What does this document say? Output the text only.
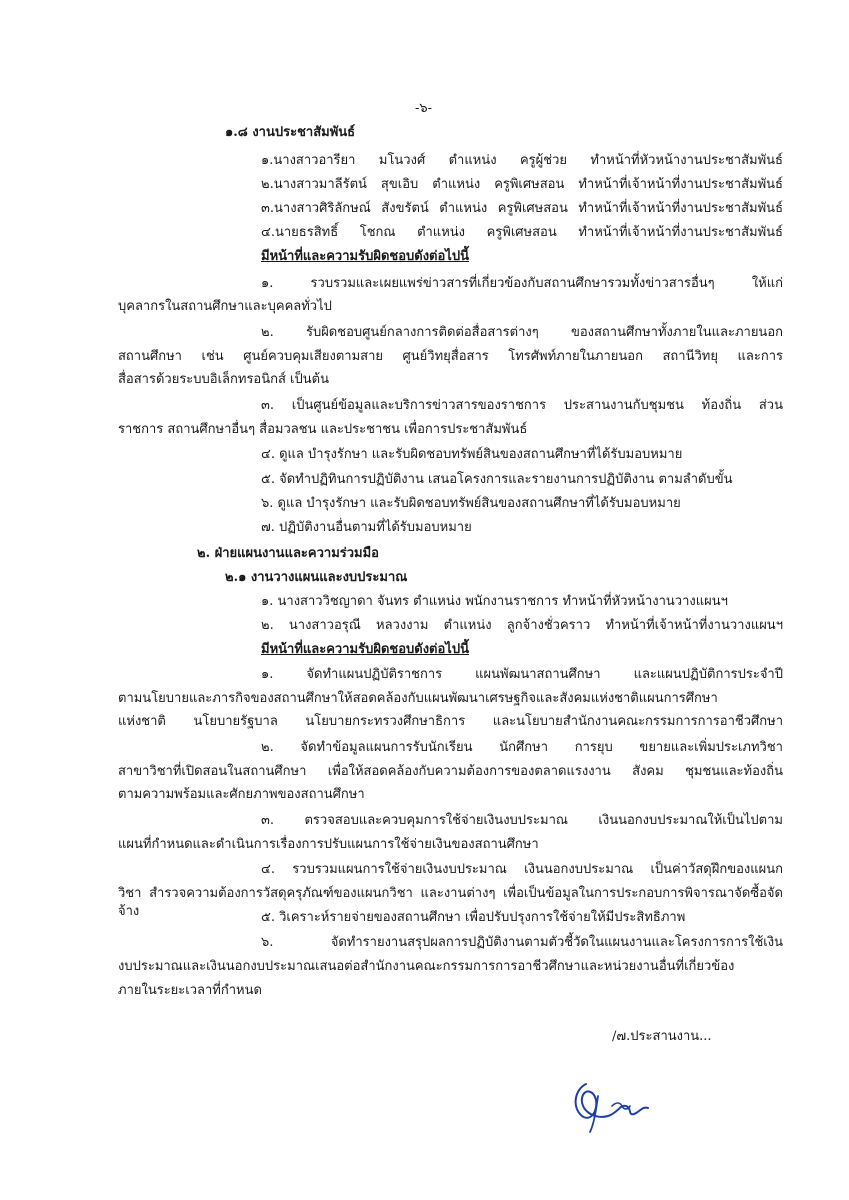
-๖-
๑.๘ งานประชาสัมพันธ์
๑.นางสาวอารียา มโนวงศ์ ตำแหน่ง ครูผู้ช่วย ทำหน้าที่หัวหน้างานประชาสัมพันธ์
๒.นางสาวมาลีรัตน์ สุขเอิบ ตำแหน่ง ครูพิเศษสอน ทำหน้าที่เจ้าหน้าที่งานประชาสัมพันธ์
๓.นางสาวศิริลักษณ์ สังขรัตน์ ตำแหน่ง ครูพิเศษสอน ทำหน้าที่เจ้าหน้าที่งานประชาสัมพันธ์
๔.นายธรสิทธิ์ โชกณ ตำแหน่ง ครูพิเศษสอน ทำหน้าที่เจ้าหน้าที่งานประชาสัมพันธ์
มีหน้าที่และความรับผิดชอบดังต่อไปนี้
๑. รวบรวมและเผยแพร่ข่าวสารที่เกี่ยวข้องกับสถานศึกษารวมทั้งข่าวสารอื่นๆ ให้แก่
บุคลากรในสถานศึกษาและบุคคลทั่วไป
๒. รับผิดชอบศูนย์กลางการติดต่อสื่อสารต่างๆ ของสถานศึกษาทั้งภายในและภายนอก
สถานศึกษา เช่น ศูนย์ควบคุมเสียงตามสาย ศูนย์วิทยุสื่อสาร โทรศัพท์ภายในภายนอก สถานีวิทยุ และการ
สื่อสารด้วยระบบอิเล็กทรอนิกส์ เป็นต้น
๓. เป็นศูนย์ข้อมูลและบริการข่าวสารของราชการ ประสานงานกับชุมชน ท้องถิ่น ส่วน
ราชการ สถานศึกษาอื่นๆ สื่อมวลชน และประชาชน เพื่อการประชาสัมพันธ์
๔. ดูแล บำรุงรักษา และรับผิดชอบทรัพย์สินของสถานศึกษาที่ได้รับมอบหมาย
๕. จัดทำปฏิทินการปฏิบัติงาน เสนอโครงการและรายงานการปฏิบัติงาน ตามลำดับขั้น
๖. ดูแล บำรุงรักษา และรับผิดชอบทรัพย์สินของสถานศึกษาที่ได้รับมอบหมาย
๗. ปฏิบัติงานอื่นตามที่ได้รับมอบหมาย
๒. ฝ่ายแผนงานและความร่วมมือ
๒.๑ งานวางแผนและงบประมาณ
๑. นางสาววิชญาดา จันทร ตำแหน่ง พนักงานราชการ ทำหน้าที่หัวหน้างานวางแผนฯ
๒. นางสาวอรุณี หลวงงาม ตำแหน่ง ลูกจ้างชั่วคราว ทำหน้าที่เจ้าหน้าที่งานวางแผนฯ
มีหน้าที่และความรับผิดชอบดังต่อไปนี้
๑. จัดทำแผนปฏิบัติราชการ แผนพัฒนาสถานศึกษา และแผนปฏิบัติการประจำปี
ตามนโยบายและภารกิจของสถานศึกษาให้สอดคล้องกับแผนพัฒนาเศรษฐกิจและสังคมแห่งชาติแผนการศึกษา
แห่งชาติ นโยบายรัฐบาล นโยบายกระทรวงศึกษาธิการ และนโยบายสำนักงานคณะกรรมการการอาชีวศึกษา
๒. จัดทำข้อมูลแผนการรับนักเรียน นักศึกษา การยุบ ขยายและเพิ่มประเภทวิชา
สาขาวิชาที่เปิดสอนในสถานศึกษา เพื่อให้สอดคล้องกับความต้องการของตลาดแรงงาน สังคม ชุมชนและท้องถิ่น
ตามความพร้อมและศักยภาพของสถานศึกษา
๓. ตรวจสอบและควบคุมการใช้จ่ายเงินงบประมาณ เงินนอกงบประมาณให้เป็นไปตาม
แผนที่กำหนดและดำเนินการเรื่องการปรับแผนการใช้จ่ายเงินของสถานศึกษา
๔. รวบรวมแผนการใช้จ่ายเงินงบประมาณ เงินนอกงบประมาณ เป็นค่าวัสดุฝึกของแผนก
วิชา สำรวจความต้องการวัสดุครุภัณฑ์ของแผนกวิชา และงานต่างๆ เพื่อเป็นข้อมูลในการประกอบการพิจารณาจัดซื้อจัดจ้าง	๕. วิเคราะห์รายจ่ายของสถานศึกษา เพื่อปรับปรุงการใช้จ่ายให้มีประสิทธิภาพ
๖. จัดทำรายงานสรุปผลการปฏิบัติงานตามตัวชี้วัดในแผนงานและโครงการการใช้เงิน
งบประมาณและเงินนอกงบประมาณเสนอต่อสำนักงานคณะกรรมการการอาชีวศึกษาและหน่วยงานอื่นที่เกี่ยวข้อง
ภายในระยะเวลาที่กำหนด
/๗.ประสานงาน...
